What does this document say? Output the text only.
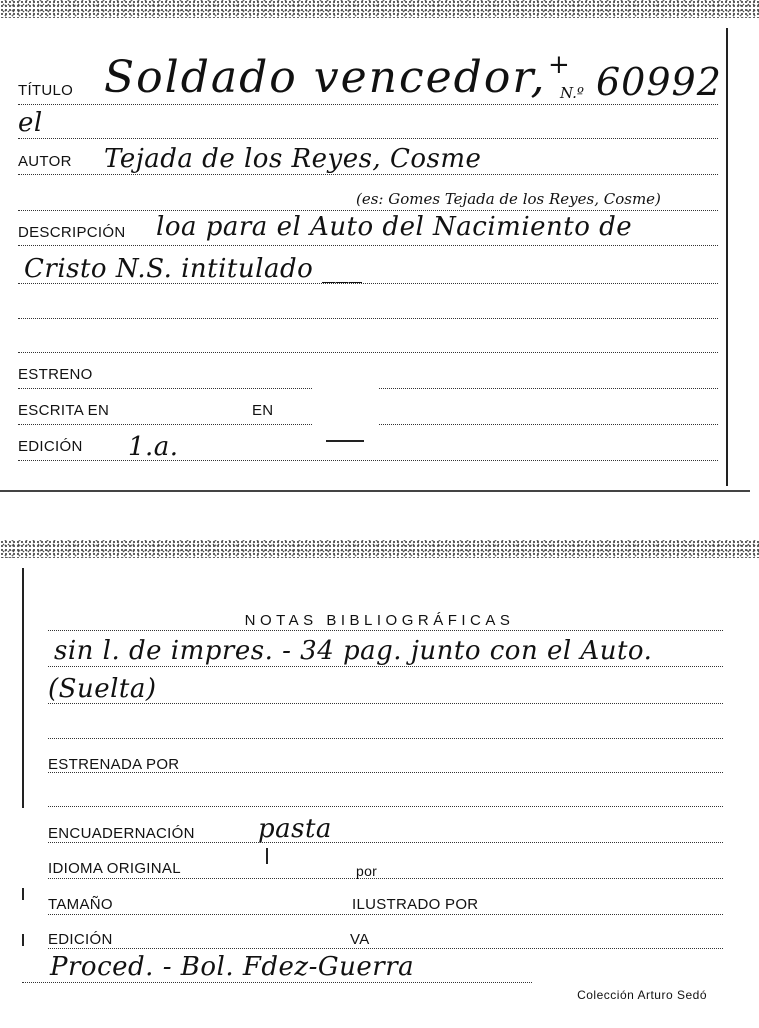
TÍTULO Soldado vencedor, +
N.º 60992
el
AUTOR Tejada de los Reyes, Cosme
(es: Gomes Tejada de los Reyes, Cosme)
DESCRIPCIÓN loa para el Auto del Nacimiento de
Cristo N.S. intitulado ___
ESTRENO
ESCRITA EN	EN
EDICIÓN 1.a.
NOTAS BIBLIOGRÁFICAS
sin l. de impres. - 34 pag. junto con el Auto.
(Suelta)
ESTRENADA POR
ENCUADERNACIÓN pasta
IDIOMA ORIGINAL	por
TAMAÑO	ILUSTRADO POR
EDICIÓN	VA
Proced. - Bol. Fdez-Guerra
Colección Arturo Sedó
